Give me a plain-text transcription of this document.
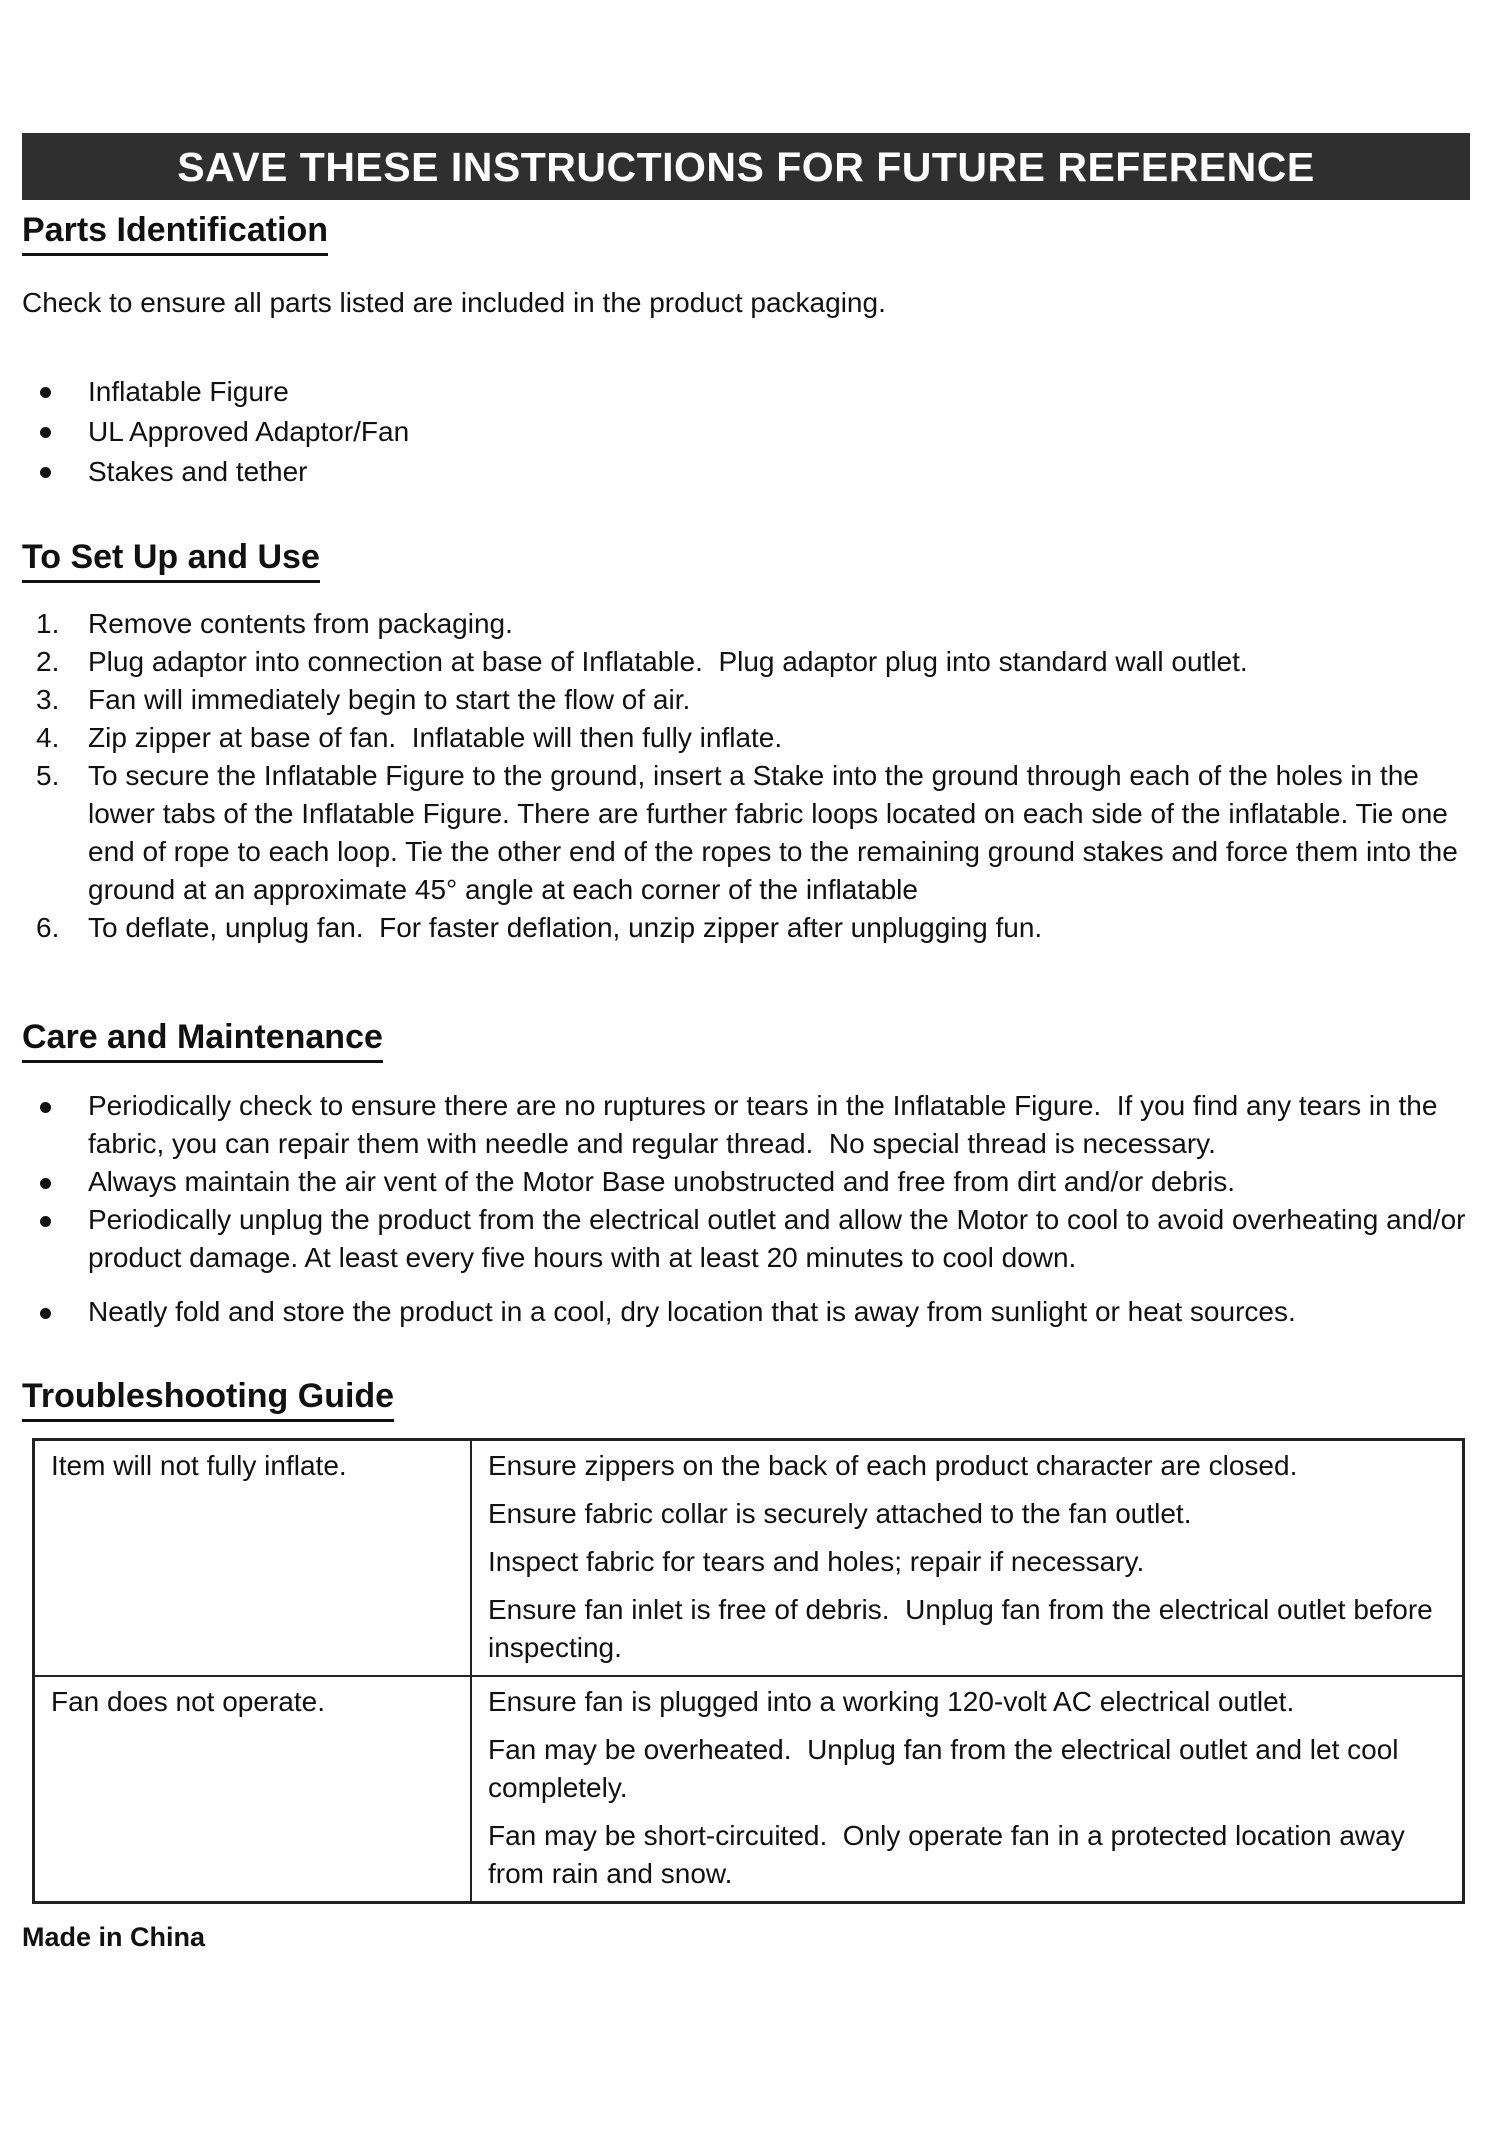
SAVE THESE INSTRUCTIONS FOR FUTURE REFERENCE
Parts Identification

Check to ensure all parts listed are included in the product packaging.

Inflatable Figure
UL Approved Adaptor/Fan
Stakes and tether
To Set Up and Use
1.	Remove contents from packaging.
2.	Plug adaptor into connection at base of Inflatable.  Plug adaptor plug into standard wall outlet.
3.	Fan will immediately begin to start the flow of air.
4.	Zip zipper at base of fan.  Inflatable will then fully inflate.
5.	To secure the Inflatable Figure to the ground, insert a Stake into the ground through each of the holes in the lower tabs of the Inflatable Figure. There are further fabric loops located on each side of the inflatable. Tie one end of rope to each loop. Tie the other end of the ropes to the remaining ground stakes and force them into the ground at an approximate 45° angle at each corner of the inflatable
6.	To deflate, unplug fan.  For faster deflation, unzip zipper after unplugging fun.
Care and Maintenance
Periodically check to ensure there are no ruptures or tears in the Inflatable Figure.  If you find any tears in the fabric, you can repair them with needle and regular thread.  No special thread is necessary.
Always maintain the air vent of the Motor Base unobstructed and free from dirt and/or debris.
Periodically unplug the product from the electrical outlet and allow the Motor to cool to avoid overheating and/or product damage. At least every five hours with at least 20 minutes to cool down.
Neatly fold and store the product in a cool, dry location that is away from sunlight or heat sources.
Troubleshooting Guide
Item will not fully inflate.	Ensure zippers on the back of each product character are closed.

Ensure fabric collar is securely attached to the fan outlet.

Inspect fabric for tears and holes; repair if necessary.

Ensure fan inlet is free of debris.  Unplug fan from the electrical outlet before inspecting.

Fan does not operate.	Ensure fan is plugged into a working 120-volt AC electrical outlet.

Fan may be overheated.  Unplug fan from the electrical outlet and let cool completely.

Fan may be short-circuited.  Only operate fan in a protected location away from rain and snow.

Made in China
